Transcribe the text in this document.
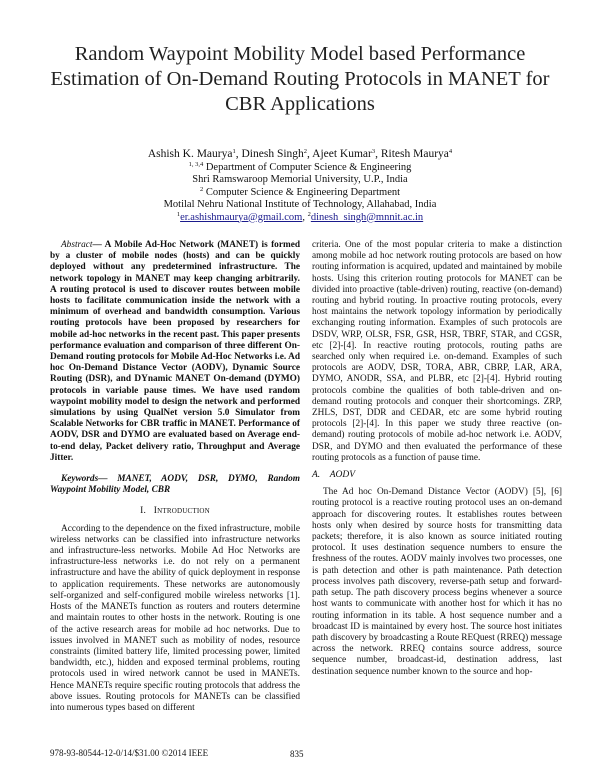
Random Waypoint Mobility Model based Performance Estimation of On-Demand Routing Protocols in MANET for CBR Applications
Ashish K. Maurya$^1$, Dinesh Singh$^2$, Ajeet Kumar$^3$, Ritesh Maurya$^4$
$^{1, 3,4}$ Department of Computer Science & Engineering
Shri Ramswaroop Memorial University, U.P., India
$^2$ Computer Science & Engineering Department
Motilal Nehru National Institute of Technology, Allahabad, India
$^1$er.ashishmaurya@gmail.com, $^2$dinesh_singh@mnnit.ac.in

Abstract— A Mobile Ad-Hoc Network (MANET) is formed by a cluster of mobile nodes (hosts) and can be quickly deployed without any predetermined infrastructure. The network topology in MANET may keep changing arbitrarily. A routing protocol is used to discover routes between mobile hosts to facilitate communication inside the network with a minimum of overhead and bandwidth consumption. Various routing protocols have been proposed by researchers for mobile ad-hoc networks in the recent past. This paper presents performance evaluation and comparison of three different On-Demand routing protocols for Mobile Ad-Hoc Networks i.e. Ad hoc On-Demand Distance Vector (AODV), Dynamic Source Routing (DSR), and DYnamic MANET On-demand (DYMO) protocols in variable pause times. We have used random waypoint mobility model to design the network and performed simulations by using QualNet version 5.0 Simulator from Scalable Networks for CBR traffic in MANET. Performance of AODV, DSR and DYMO are evaluated based on Average end-to-end delay, Packet delivery ratio, Throughput and Average Jitter.

Keywords— MANET, AODV, DSR, DYMO, Random Waypoint Mobility Model, CBR

I. Introduction

According to the dependence on the fixed infrastructure, mobile wireless networks can be classified into infrastructure networks and infrastructure-less networks. Mobile Ad Hoc Networks are infrastructure-less networks i.e. do not rely on a permanent infrastructure and have the ability of quick deployment in response to application requirements. These networks are autonomously self-organized and self-configured mobile wireless networks [1]. Hosts of the MANETs function as routers and routers determine and maintain routes to other hosts in the network. Routing is one of the active research areas for mobile ad hoc networks. Due to issues involved in MANET such as mobility of nodes, resource constraints (limited battery life, limited processing power, limited bandwidth, etc.), hidden and exposed terminal problems, routing protocols used in wired network cannot be used in MANETs. Hence MANETs require specific routing protocols that address the above issues. Routing protocols for MANETs can be classified into numerous types based on different

criteria. One of the most popular criteria to make a distinction among mobile ad hoc network routing protocols are based on how routing information is acquired, updated and maintained by mobile hosts. Using this criterion routing protocols for MANET can be divided into proactive (table-driven) routing, reactive (on-demand) routing and hybrid routing. In proactive routing protocols, every host maintains the network topology information by periodically exchanging routing information. Examples of such protocols are DSDV, WRP, OLSR, FSR, GSR, HSR, TBRF, STAR, and CGSR, etc [2]-[4]. In reactive routing protocols, routing paths are searched only when required i.e. on-demand. Examples of such protocols are AODV, DSR, TORA, ABR, CBRP, LAR, ARA, DYMO, ANODR, SSA, and PLBR, etc [2]-[4]. Hybrid routing protocols combine the qualities of both table-driven and on-demand routing protocols and conquer their shortcomings. ZRP, ZHLS, DST, DDR and CEDAR, etc are some hybrid routing protocols [2]-[4]. In this paper we study three reactive (on-demand) routing protocols of mobile ad-hoc network i.e. AODV, DSR, and DYMO and then evaluated the performance of these routing protocols as a function of pause time.

A. AODV

The Ad hoc On-Demand Distance Vector (AODV) [5], [6] routing protocol is a reactive routing protocol uses an on-demand approach for discovering routes. It establishes routes between hosts only when desired by source hosts for transmitting data packets; therefore, it is also known as source initiated routing protocol. It uses destination sequence numbers to ensure the freshness of the routes. AODV mainly involves two processes, one is path detection and other is path maintenance. Path detection process involves path discovery, reverse-path setup and forward-path setup. The path discovery process begins whenever a source host wants to communicate with another host for which it has no routing information in its table. A host sequence number and a broadcast ID is maintained by every host. The source host initiates path discovery by broadcasting a Route REQuest (RREQ) message across the network. RREQ contains source address, source sequence number, broadcast-id, destination address, last destination sequence number known to the source and hop-

978-93-80544-12-0/14/$31.00 ©2014 IEEE	835
